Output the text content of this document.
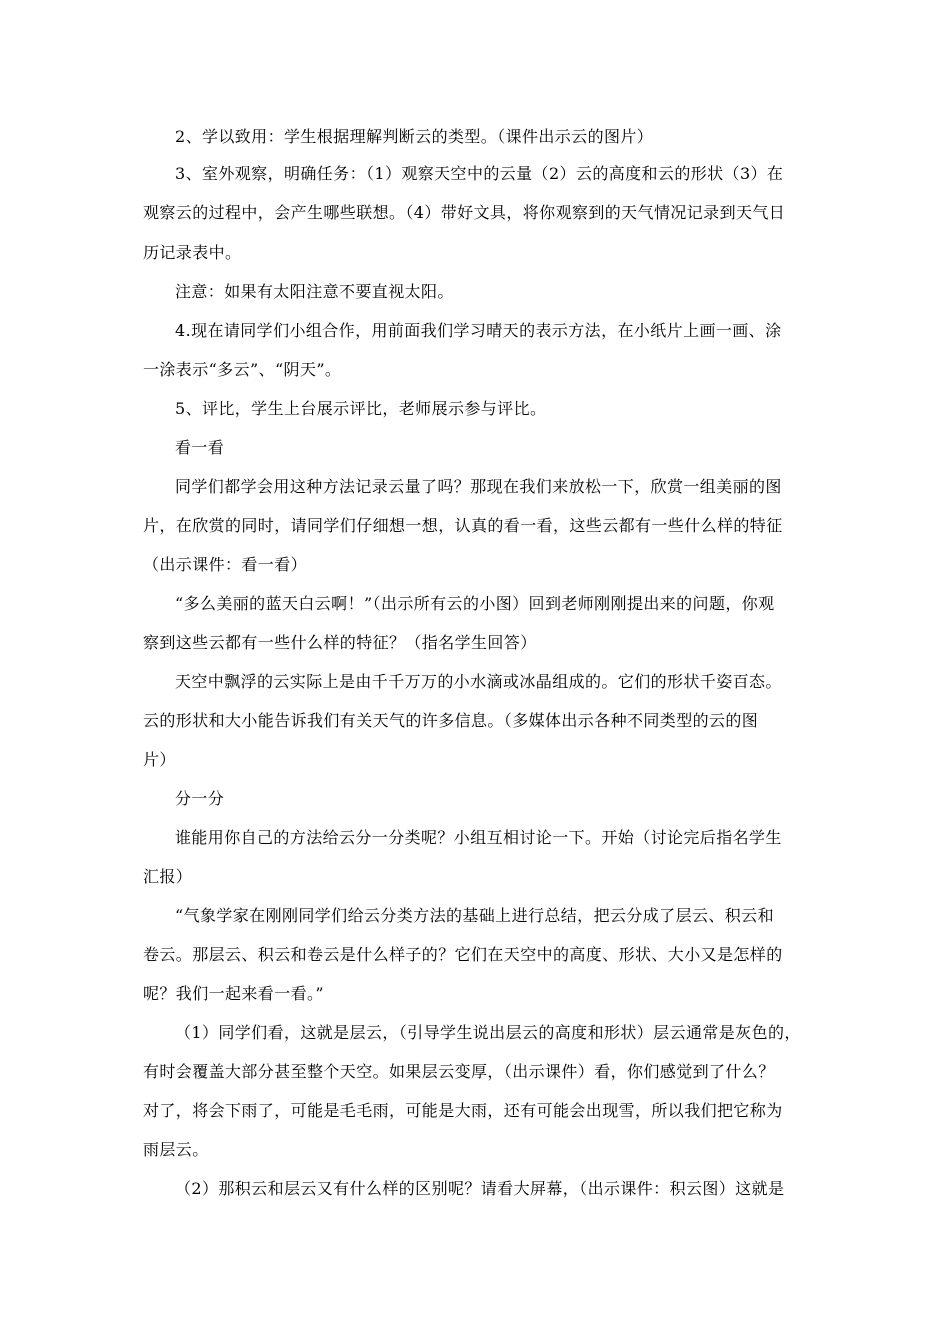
2、学以致用：学生根据理解判断云的类型。（课件出示云的图片）
3、室外观察，明确任务：（1）观察天空中的云量（2）云的高度和云的形状（3）在
观察云的过程中，会产生哪些联想。（4）带好文具，将你观察到的天气情况记录到天气日
历记录表中。
注意：如果有太阳注意不要直视太阳。
4.现在请同学们小组合作，用前面我们学习晴天的表示方法，在小纸片上画一画、涂
一涂表示“多云”、“阴天”。
5、评比，学生上台展示评比，老师展示参与评比。
看一看
同学们都学会用这种方法记录云量了吗？那现在我们来放松一下，欣赏一组美丽的图
片，在欣赏的同时，请同学们仔细想一想，认真的看一看，这些云都有一些什么样的特征
（出示课件：看一看）
“多么美丽的蓝天白云啊！”（出示所有云的小图）回到老师刚刚提出来的问题，你观
察到这些云都有一些什么样的特征？（指名学生回答）
天空中飘浮的云实际上是由千千万万的小水滴或冰晶组成的。它们的形状千姿百态。
云的形状和大小能告诉我们有关天气的许多信息。（多媒体出示各种不同类型的云的图
片）
分一分
谁能用你自己的方法给云分一分类呢？小组互相讨论一下。开始（讨论完后指名学生
汇报）
“气象学家在刚刚同学们给云分类方法的基础上进行总结，把云分成了层云、积云和
卷云。那层云、积云和卷云是什么样子的？它们在天空中的高度、形状、大小又是怎样的
呢？我们一起来看一看。”
（1）同学们看，这就是层云，（引导学生说出层云的高度和形状）层云通常是灰色的，
有时会覆盖大部分甚至整个天空。如果层云变厚，（出示课件）看，你们感觉到了什么？
对了，将会下雨了，可能是毛毛雨，可能是大雨，还有可能会出现雪，所以我们把它称为
雨层云。
（2）那积云和层云又有什么样的区别呢？请看大屏幕，（出示课件：积云图）这就是
